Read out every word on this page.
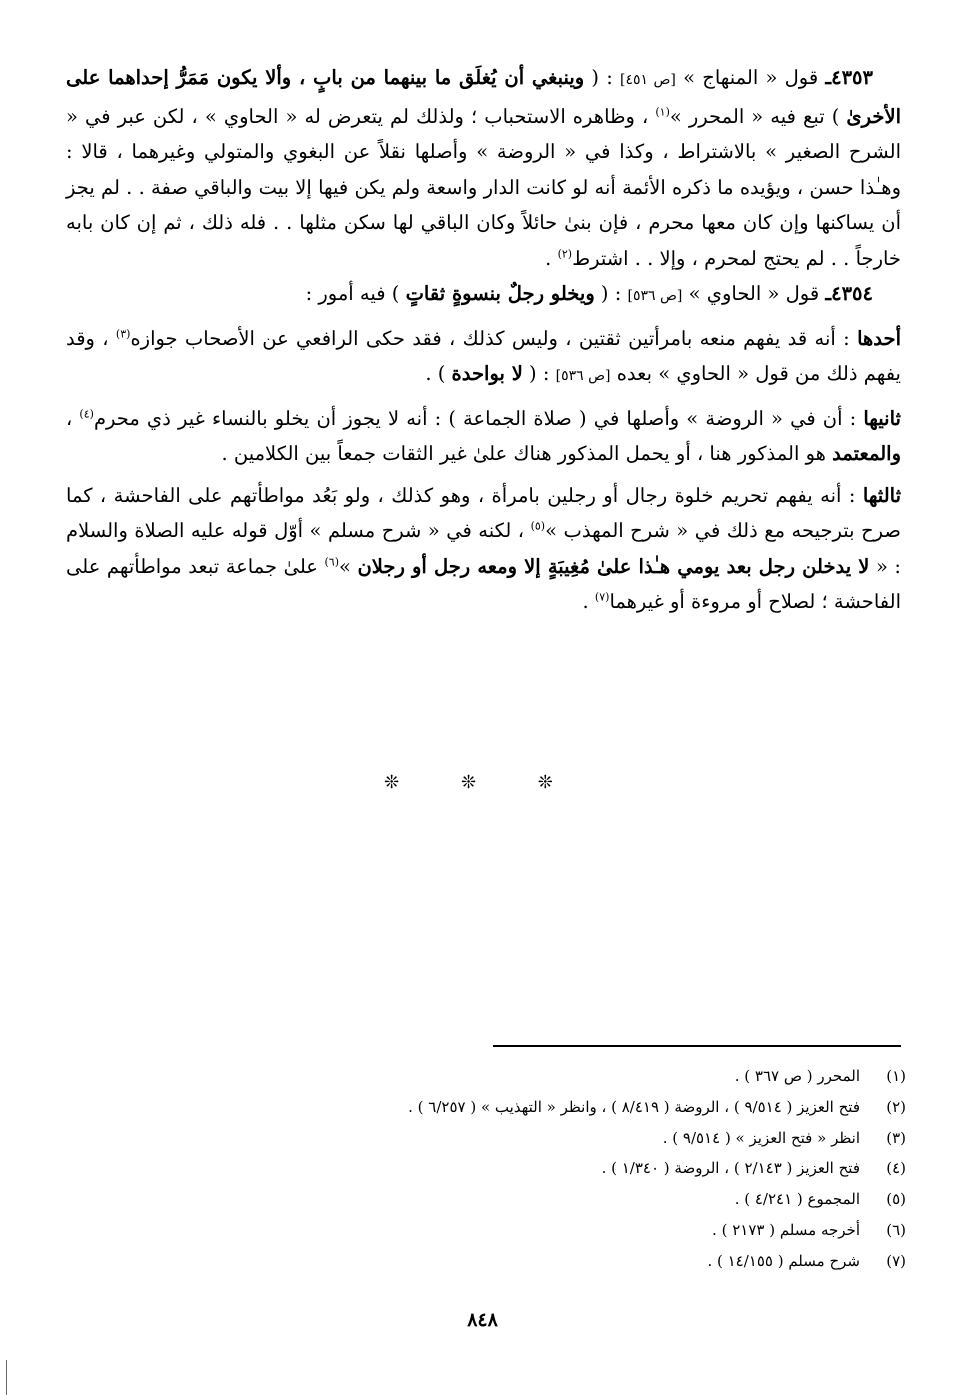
٤٣٥٣ـ قول « المنهاج » [ص ٤٥١] : ( وينبغي أن يُغلَق ما بينهما من بابٍ ، وألا يكون مَمَرُّ إحداهما على الأخرىٰ ) تبع فيه « المحرر »$^{(١)}$ ، وظاهره الاستحباب ؛ ولذلك لم يتعرض له « الحاوي » ، لكن عبر في « الشرح الصغير » بالاشتراط ، وكذا في « الروضة » وأصلها نقلاً عن البغوي والمتولي وغيرهما ، قالا : وهـٰذا حسن ، ويؤيده ما ذكره الأئمة أنه لو كانت الدار واسعة ولم يكن فيها إلا بيت والباقي صفة . . لم يجز أن يساكنها وإن كان معها محرم ، فإن بنىٰ حائلاً وكان الباقي لها سكن مثلها . . فله ذلك ، ثم إن كان بابه خارجاً . . لم يحتج لمحرم ، وإلا . . اشترط$^{(٢)}$ .

٤٣٥٤ـ قول « الحاوي » [ص ٥٣٦] : ( ويخلو رجلٌ بنسوةٍ ثقاتٍ ) فيه أمور :

أحدها : أنه قد يفهم منعه بامرأتين ثقتين ، وليس كذلك ، فقد حكى الرافعي عن الأصحاب جوازه$^{(٣)}$ ، وقد يفهم ذلك من قول « الحاوي » بعده [ص ٥٣٦] : ( لا بواحدة ) .

ثانيها : أن في « الروضة » وأصلها في ( صلاة الجماعة ) : أنه لا يجوز أن يخلو بالنساء غير ذي محرم$^{(٤)}$ ، والمعتمد هو المذكور هنا ، أو يحمل المذكور هناك علىٰ غير الثقات جمعاً بين الكلامين .

ثالثها : أنه يفهم تحريم خلوة رجال أو رجلين بامرأة ، وهو كذلك ، ولو بَعُد مواطأتهم على الفاحشة ، كما صرح بترجيحه مع ذلك في « شرح المهذب »$^{(٥)}$ ، لكنه في « شرح مسلم » أوّل قوله عليه الصلاة والسلام : « لا يدخلن رجل بعد يومي هـٰذا علىٰ مُغِيبَةٍ إلا ومعه رجل أو رجلان »$^{(٦)}$ علىٰ جماعة تبعد مواطأتهم على الفاحشة ؛ لصلاح أو مروءة أو غيرهما$^{(٧)}$ .

❊ ❊ ❊
(١)المحرر ( ص ٣٦٧ ) .
(٢)فتح العزيز ( ٩/٥١٤ ) ، الروضة ( ٨/٤١٩ ) ، وانظر « التهذيب » ( ٦/٢٥٧ ) .
(٣)انظر « فتح العزيز » ( ٩/٥١٤ ) .
(٤)فتح العزيز ( ٢/١٤٣ ) ، الروضة ( ١/٣٤٠ ) .
(٥)المجموع ( ٤/٢٤١ ) .
(٦)أخرجه مسلم ( ٢١٧٣ ) .
(٧)شرح مسلم ( ١٤/١٥٥ ) .
٨٤٨
